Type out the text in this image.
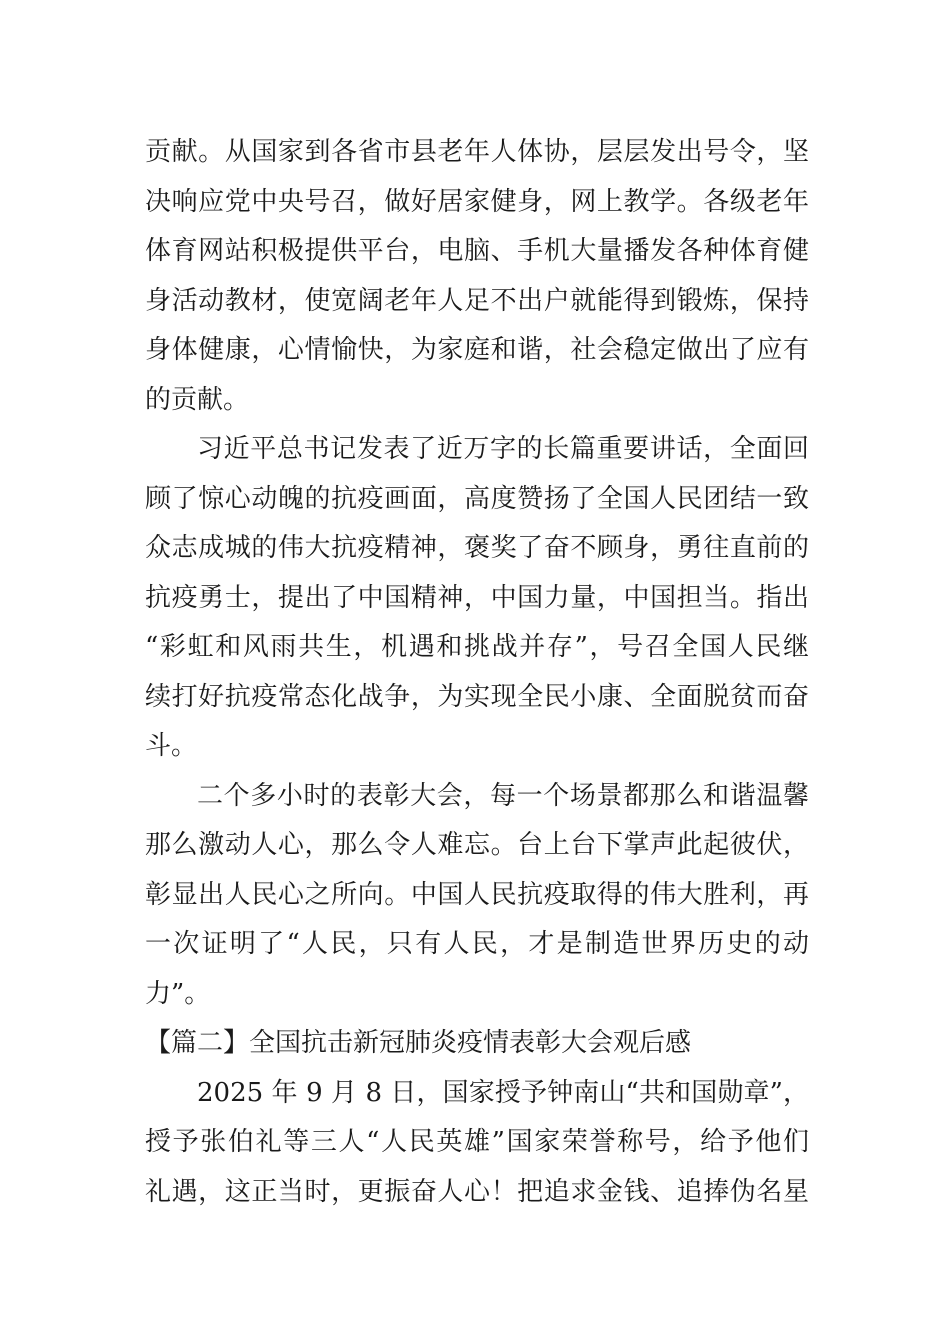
贡献。从国家到各省市县老年人体协，层层发出号令，坚
决响应党中央号召，做好居家健身，网上教学。各级老年
体育网站积极提供平台，电脑、手机大量播发各种体育健
身活动教材，使宽阔老年人足不出户就能得到锻炼，保持
身体健康，心情愉快，为家庭和谐，社会稳定做出了应有
的贡献。
习近平总书记发表了近万字的长篇重要讲话，全面回
顾了惊心动魄的抗疫画面，高度赞扬了全国人民团结一致
众志成城的伟大抗疫精神，褒奖了奋不顾身，勇往直前的
抗疫勇士，提出了中国精神，中国力量，中国担当。指出
“彩虹和风雨共生，机遇和挑战并存”，号召全国人民继
续打好抗疫常态化战争，为实现全民小康、全面脱贫而奋
斗。
二个多小时的表彰大会，每一个场景都那么和谐温馨
那么激动人心，那么令人难忘。台上台下掌声此起彼伏，
彰显出人民心之所向。中国人民抗疫取得的伟大胜利，再
一次证明了“人民，只有人民，才是制造世界历史的动
力”。
【篇二】全国抗击新冠肺炎疫情表彰大会观后感
2025 年 9 月 8 日，国家授予钟南山“共和国勋章”，
授予张伯礼等三人“人民英雄”国家荣誉称号，给予他们
礼遇，这正当时，更振奋人心！把追求金钱、追捧伪名星
